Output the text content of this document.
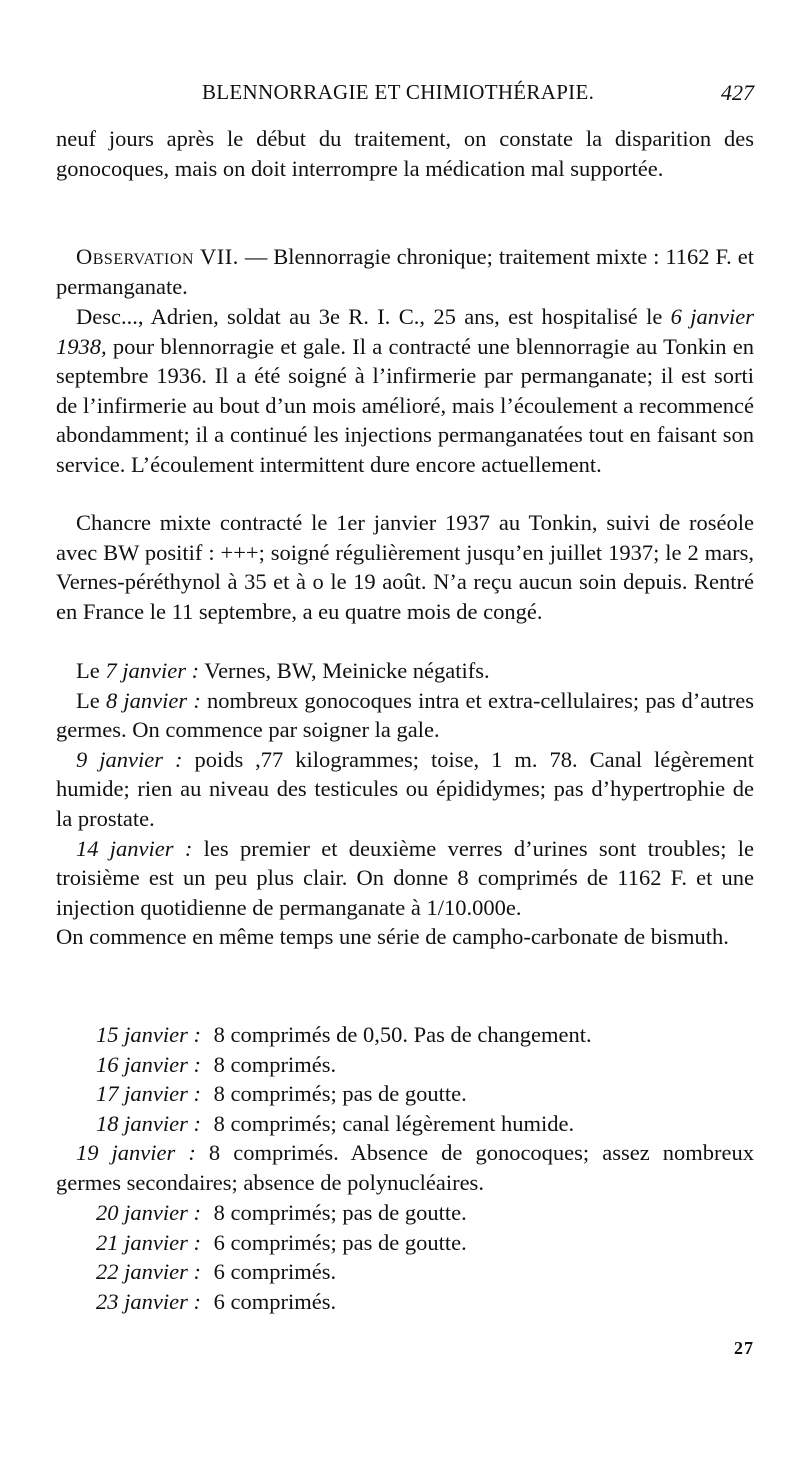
BLENNORRAGIE ET CHIMIOTHÉRAPIE.	427

neuf jours après le début du traitement, on constate la disparition des gonocoques, mais on doit interrompre la médication mal supportée.

Observation VII. — Blennorragie chronique; traitement mixte : 1162 F. et permanganate.

Desc..., Adrien, soldat au 3e R. I. C., 25 ans, est hospitalisé le 6 janvier 1938, pour blennorragie et gale. Il a contracté une blennorragie au Tonkin en septembre 1936. Il a été soigné à l’infirmerie par permanganate; il est sorti de l’infirmerie au bout d’un mois amélioré, mais l’écoulement a recommencé abondamment; il a continué les injections permanganatées tout en faisant son service. L’écoulement intermittent dure encore actuellement.

Chancre mixte contracté le 1er janvier 1937 au Tonkin, suivi de roséole avec BW positif : +++; soigné régulièrement jusqu’en juillet 1937; le 2 mars, Vernes-péréthynol à 35 et à o le 19 août. N’a reçu aucun soin depuis. Rentré en France le 11 septembre, a eu quatre mois de congé.

Le 7 janvier : Vernes, BW, Meinicke négatifs.

Le 8 janvier : nombreux gonocoques intra et extra-cellulaires; pas d’autres germes. On commence par soigner la gale.

9 janvier : poids ,77 kilogrammes; toise, 1 m. 78. Canal légèrement humide; rien au niveau des testicules ou épididymes; pas d’hypertrophie de la prostate.

14 janvier : les premier et deuxième verres d’urines sont troubles; le troisième est un peu plus clair. On donne 8 comprimés de 1162 F. et une injection quotidienne de permanganate à 1/10.000e.

On commence en même temps une série de campho-carbonate de bismuth.

15 janvier : 8 comprimés de 0,50. Pas de changement.
16 janvier : 8 comprimés.
17 janvier : 8 comprimés; pas de goutte.
18 janvier : 8 comprimés; canal légèrement humide.

19 janvier : 8 comprimés. Absence de gonocoques; assez nombreux germes secondaires; absence de polynucléaires.

20 janvier : 8 comprimés; pas de goutte.
21 janvier : 6 comprimés; pas de goutte.
22 janvier : 6 comprimés.
23 janvier : 6 comprimés.
27
